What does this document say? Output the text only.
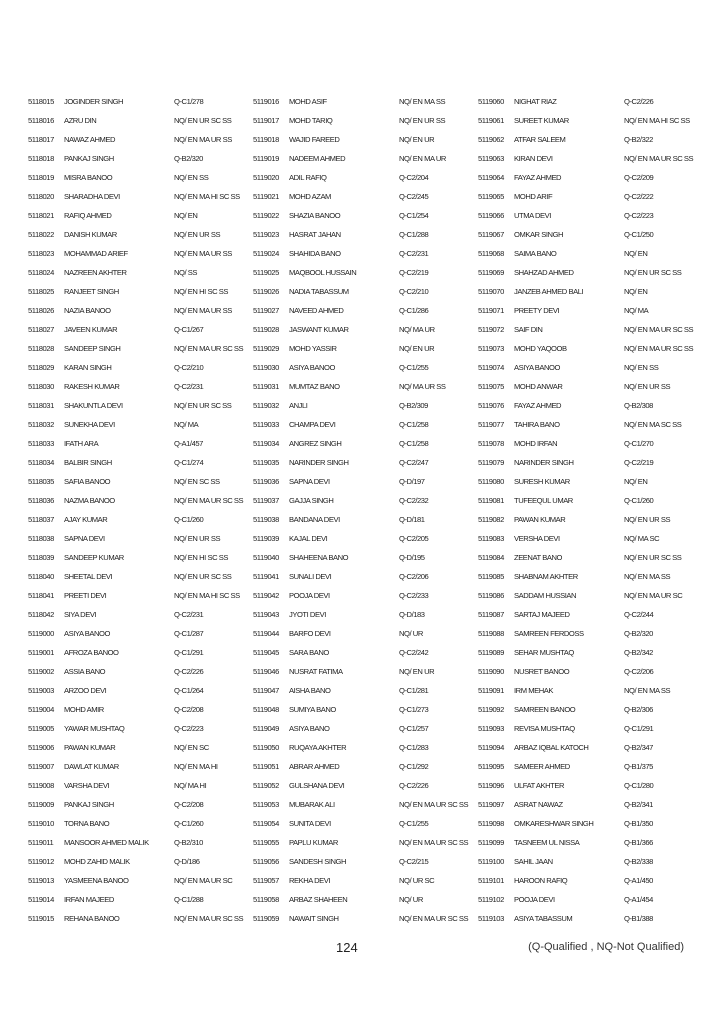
5118015	JOGINDER SINGH	Q-C1/278
5118016	AZRU DIN	NQ/ EN UR SC SS
5118017	NAWAZ AHMED	NQ/ EN MA UR SS
5118018	PANKAJ SINGH	Q-B2/320
5118019	MISRA BANOO	NQ/ EN SS
5118020	SHARADHA DEVI	NQ/ EN MA HI SC SS
5118021	RAFIQ AHMED	NQ/ EN
5118022	DANISH KUMAR	NQ/ EN UR SS
5118023	MOHAMMAD ARIEF	NQ/ EN MA UR SS
5118024	NAZREEN AKHTER	NQ/ SS
5118025	RANJEET SINGH	NQ/ EN HI SC SS
5118026	NAZIA BANOO	NQ/ EN MA UR SS
5118027	JAVEEN KUMAR	Q-C1/267
5118028	SANDEEP SINGH	NQ/ EN MA UR SC SS
5118029	KARAN SINGH	Q-C2/210
5118030	RAKESH KUMAR	Q-C2/231
5118031	SHAKUNTLA DEVI	NQ/ EN UR SC SS
5118032	SUNEKHA DEVI	NQ/ MA
5118033	IFATH ARA	Q-A1/457
5118034	BALBIR SINGH	Q-C1/274
5118035	SAFIA BANOO	NQ/ EN SC SS
5118036	NAZMA BANOO	NQ/ EN MA UR SC SS
5118037	AJAY KUMAR	Q-C1/260
5118038	SAPNA DEVI	NQ/ EN UR SS
5118039	SANDEEP KUMAR	NQ/ EN HI SC SS
5118040	SHEETAL DEVI	NQ/ EN UR SC SS
5118041	PREETI DEVI	NQ/ EN MA HI SC SS
5118042	SIYA DEVI	Q-C2/231
5119000	ASIYA BANOO	Q-C1/287
5119001	AFROZA BANOO	Q-C1/291
5119002	ASSIA BANO	Q-C2/226
5119003	ARZOO DEVI	Q-C1/264
5119004	MOHD AMIR	Q-C2/208
5119005	YAWAR MUSHTAQ	Q-C2/223
5119006	PAWAN KUMAR	NQ/ EN SC
5119007	DAWLAT KUMAR	NQ/ EN MA HI
5119008	VARSHA DEVI	NQ/ MA HI
5119009	PANKAJ SINGH	Q-C2/208
5119010	TORNA BANO	Q-C1/260
5119011	MANSOOR AHMED MALIK	Q-B2/310
5119012	MOHD ZAHID MALIK	Q-D/186
5119013	YASMEENA BANOO	NQ/ EN MA UR SC
5119014	IRFAN MAJEED	Q-C1/288
5119015	REHANA BANOO	NQ/ EN MA UR SC SS
5119016	MOHD ASIF	NQ/ EN MA SS
5119017	MOHD TARIQ	NQ/ EN UR SS
5119018	WAJID FAREED	NQ/ EN UR
5119019	NADEEM AHMED	NQ/ EN MA UR
5119020	ADIL RAFIQ	Q-C2/204
5119021	MOHD AZAM	Q-C2/245
5119022	SHAZIA BANOO	Q-C1/254
5119023	HASRAT JAHAN	Q-C1/288
5119024	SHAHIDA BANO	Q-C2/231
5119025	MAQBOOL HUSSAIN	Q-C2/219
5119026	NADIA TABASSUM	Q-C2/210
5119027	NAVEED AHMED	Q-C1/286
5119028	JASWANT KUMAR	NQ/ MA UR
5119029	MOHD YASSIR	NQ/ EN UR
5119030	ASIYA BANOO	Q-C1/255
5119031	MUMTAZ BANO	NQ/ MA UR SS
5119032	ANJLI	Q-B2/309
5119033	CHAMPA DEVI	Q-C1/258
5119034	ANGREZ SINGH	Q-C1/258
5119035	NARINDER SINGH	Q-C2/247
5119036	SAPNA DEVI	Q-D/197
5119037	GAJJA SINGH	Q-C2/232
5119038	BANDANA DEVI	Q-D/181
5119039	KAJAL DEVI	Q-C2/205
5119040	SHAHEENA BANO	Q-D/195
5119041	SUNALI DEVI	Q-C2/206
5119042	POOJA DEVI	Q-C2/233
5119043	JYOTI DEVI	Q-D/183
5119044	BARFO DEVI	NQ/ UR
5119045	SARA BANO	Q-C2/242
5119046	NUSRAT FATIMA	NQ/ EN UR
5119047	AISHA BANO	Q-C1/281
5119048	SUMIYA BANO	Q-C1/273
5119049	ASIYA BANO	Q-C1/257
5119050	RUQAYA AKHTER	Q-C1/283
5119051	ABRAR AHMED	Q-C1/292
5119052	GULSHANA DEVI	Q-C2/226
5119053	MUBARAK ALI	NQ/ EN MA UR SC SS
5119054	SUNITA DEVI	Q-C1/255
5119055	PAPLU KUMAR	NQ/ EN MA UR SC SS
5119056	SANDESH SINGH	Q-C2/215
5119057	REKHA DEVI	NQ/ UR SC
5119058	ARBAZ SHAHEEN	NQ/ UR
5119059	NAWAIT SINGH	NQ/ EN MA UR SC SS
5119060	NIGHAT RIAZ	Q-C2/226
5119061	SUREET KUMAR	NQ/ EN MA HI SC SS
5119062	ATFAR SALEEM	Q-B2/322
5119063	KIRAN DEVI	NQ/ EN MA UR SC SS
5119064	FAYAZ AHMED	Q-C2/209
5119065	MOHD ARIF	Q-C2/222
5119066	UTMA DEVI	Q-C2/223
5119067	OMKAR SINGH	Q-C1/250
5119068	SAIMA BANO	NQ/ EN
5119069	SHAHZAD AHMED	NQ/ EN UR SC SS
5119070	JANZEB AHMED BALI	NQ/ EN
5119071	PREETY DEVI	NQ/ MA
5119072	SAIF DIN	NQ/ EN MA UR SC SS
5119073	MOHD YAQOOB	NQ/ EN MA UR SC SS
5119074	ASIYA BANOO	NQ/ EN SS
5119075	MOHD ANWAR	NQ/ EN UR SS
5119076	FAYAZ AHMED	Q-B2/308
5119077	TAHIRA BANO	NQ/ EN MA SC SS
5119078	MOHD IRFAN	Q-C1/270
5119079	NARINDER SINGH	Q-C2/219
5119080	SURESH KUMAR	NQ/ EN
5119081	TUFEEQUL UMAR	Q-C1/260
5119082	PAWAN KUMAR	NQ/ EN UR SS
5119083	VERSHA DEVI	NQ/ MA SC
5119084	ZEENAT BANO	NQ/ EN UR SC SS
5119085	SHABNAM AKHTER	NQ/ EN MA SS
5119086	SADDAM HUSSIAN	NQ/ EN MA UR SC
5119087	SARTAJ MAJEED	Q-C2/244
5119088	SAMREEN FERDOSS	Q-B2/320
5119089	SEHAR MUSHTAQ	Q-B2/342
5119090	NUSRET BANOO	Q-C2/206
5119091	IRM MEHAK	NQ/ EN MA SS
5119092	SAMREEN BANOO	Q-B2/306
5119093	REVISA MUSHTAQ	Q-C1/291
5119094	ARBAZ IQBAL KATOCH	Q-B2/347
5119095	SAMEER AHMED	Q-B1/375
5119096	ULFAT AKHTER	Q-C1/280
5119097	ASRAT NAWAZ	Q-B2/341
5119098	OMKARESHWAR SINGH	Q-B1/350
5119099	TASNEEM UL NISSA	Q-B1/366
5119100	SAHIL JAAN	Q-B2/338
5119101	HAROON RAFIQ	Q-A1/450
5119102	POOJA DEVI	Q-A1/454
5119103	ASIYA TABASSUM	Q-B1/388
124	(Q-Qualified , NQ-Not Qualified)
